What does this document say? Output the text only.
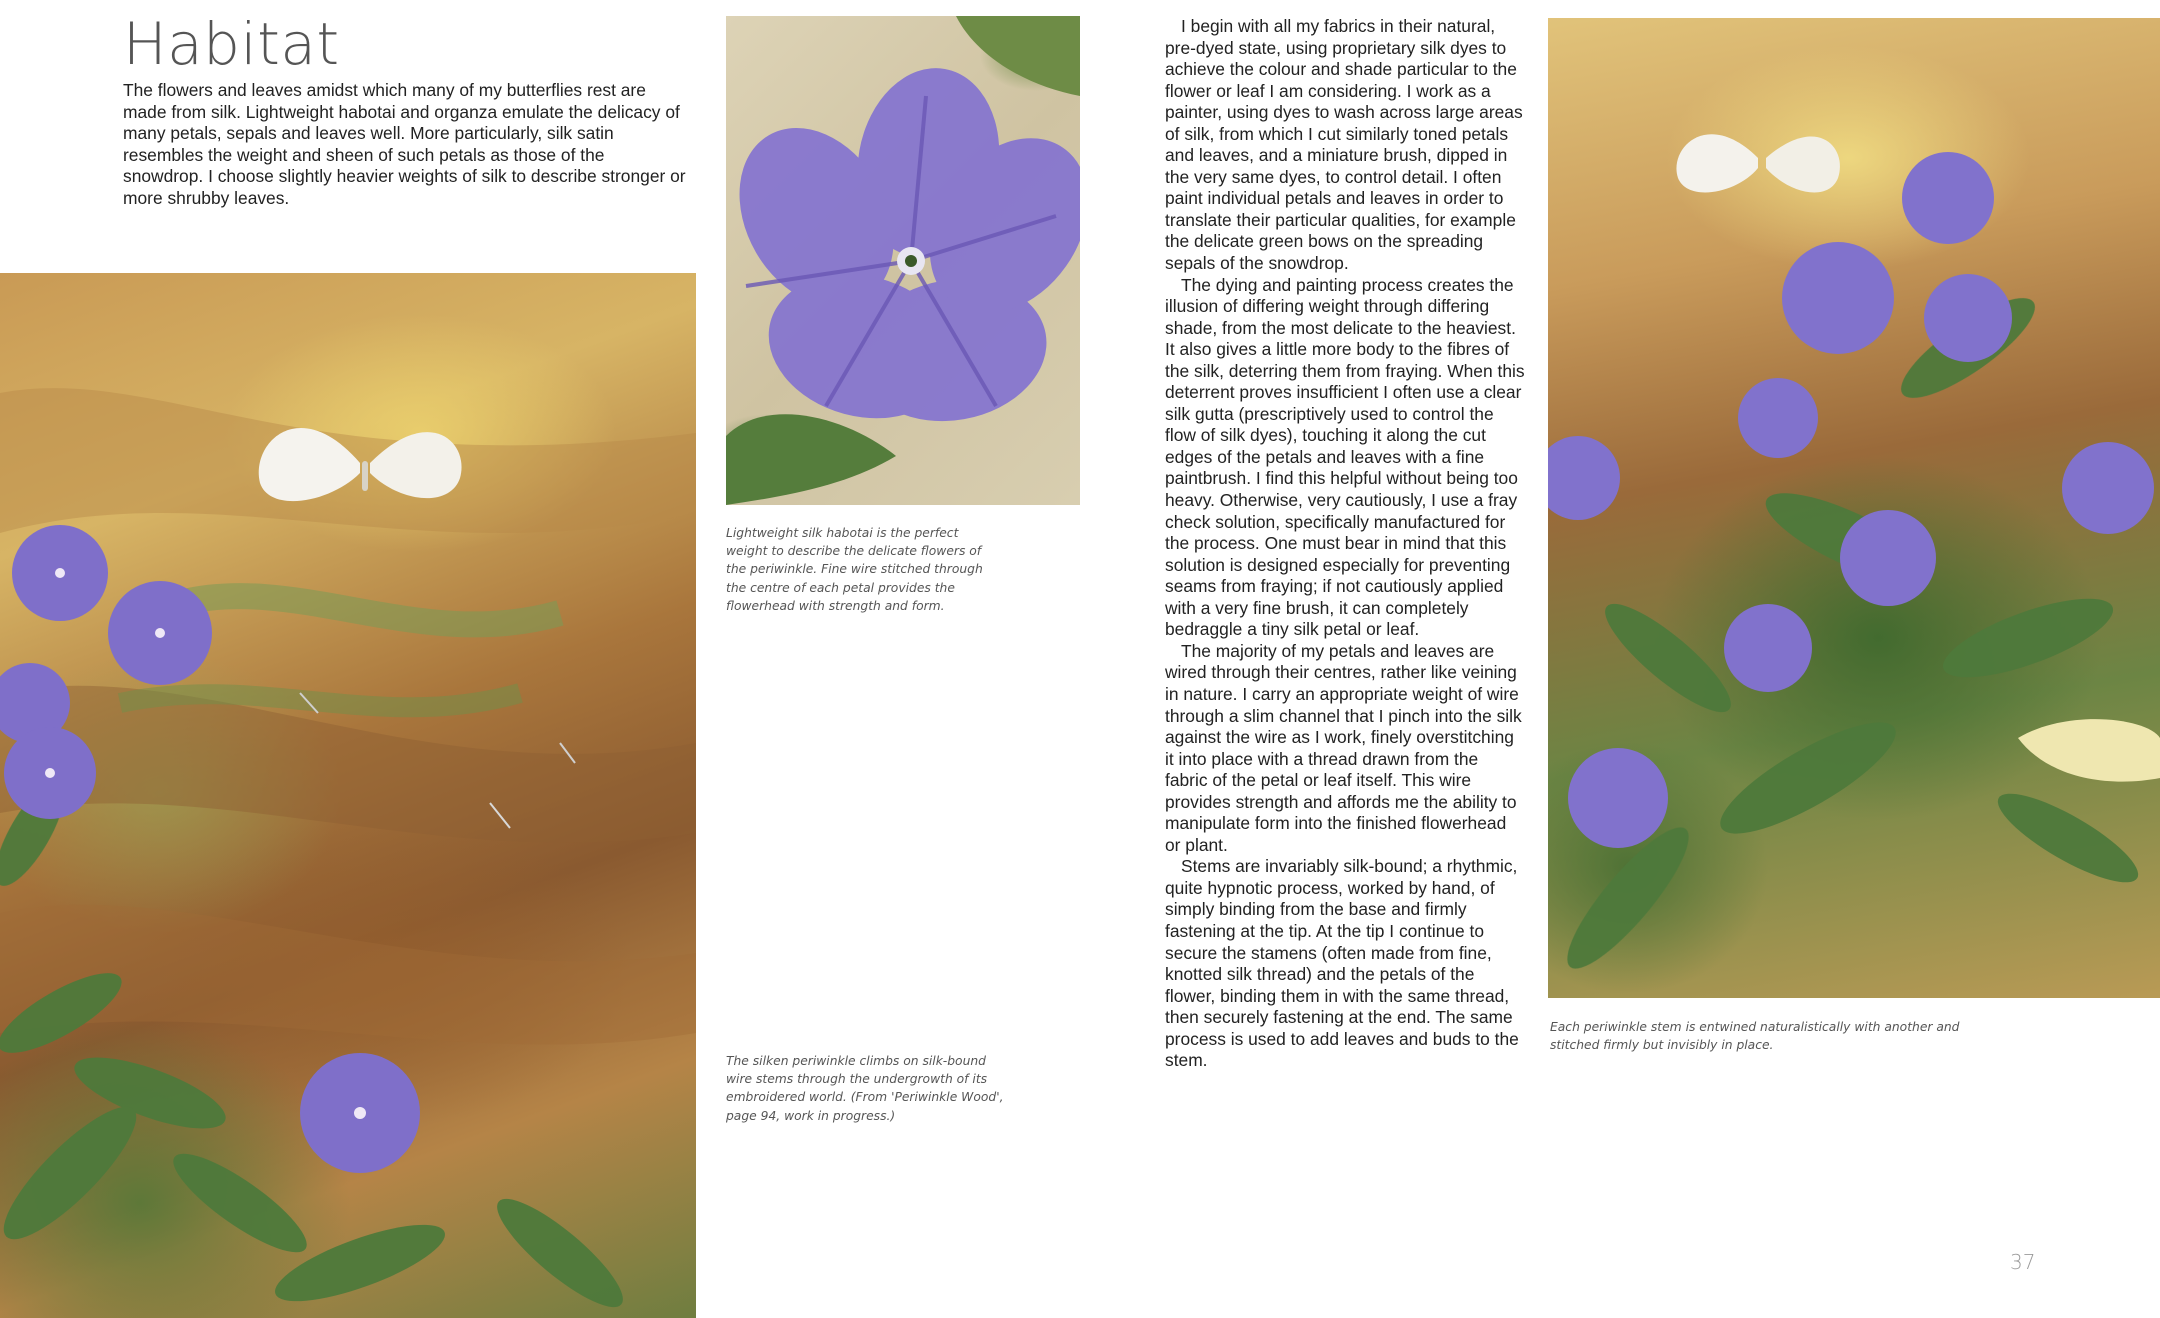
Habitat

The flowers and leaves amidst which many of my butterflies rest are made from silk. Lightweight habotai and organza emulate the delicacy of many petals, sepals and leaves well. More particularly, silk satin resembles the weight and sheen of such petals as those of the snowdrop. I choose slightly heavier weights of silk to describe stronger or more shrubby leaves.

Lightweight silk habotai is the perfect weight to describe the delicate flowers of the periwinkle. Fine wire stitched through the centre of each petal provides the flowerhead with strength and form.

The silken periwinkle climbs on silk-bound wire stems through the undergrowth of its embroidered world. (From 'Periwinkle Wood', page 94, work in progress.)

Each periwinkle stem is entwined naturalistically with another and stitched firmly but invisibly in place.

I begin with all my fabrics in their natural, pre-dyed state, using proprietary silk dyes to achieve the colour and shade particular to the flower or leaf I am considering. I work as a painter, using dyes to wash across large areas of silk, from which I cut similarly toned petals and leaves, and a miniature brush, dipped in the very same dyes, to control detail. I often paint individual petals and leaves in order to translate their particular qualities, for example the delicate green bows on the spreading sepals of the snowdrop.

The dying and painting process creates the illusion of differing weight through differing shade, from the most delicate to the heaviest. It also gives a little more body to the fibres of the silk, deterring them from fraying. When this deterrent proves insufficient I often use a clear silk gutta (prescriptively used to control the flow of silk dyes), touching it along the cut edges of the petals and leaves with a fine paintbrush. I find this helpful without being too heavy. Otherwise, very cautiously, I use a fray check solution, specifically manufactured for the process. One must bear in mind that this solution is designed especially for preventing seams from fraying; if not cautiously applied with a very fine brush, it can completely bedraggle a tiny silk petal or leaf.

The majority of my petals and leaves are wired through their centres, rather like veining in nature. I carry an appropriate weight of wire through a slim channel that I pinch into the silk against the wire as I work, finely overstitching it into place with a thread drawn from the fabric of the petal or leaf itself. This wire provides strength and affords me the ability to manipulate form into the finished flowerhead or plant.

Stems are invariably silk-bound; a rhythmic, quite hypnotic process, worked by hand, of simply binding from the base and firmly fastening at the tip. At the tip I continue to secure the stamens (often made from fine, knotted silk thread) and the petals of the flower, binding them in with the same thread, then securely fastening at the end. The same process is used to add leaves and buds to the stem.

37
